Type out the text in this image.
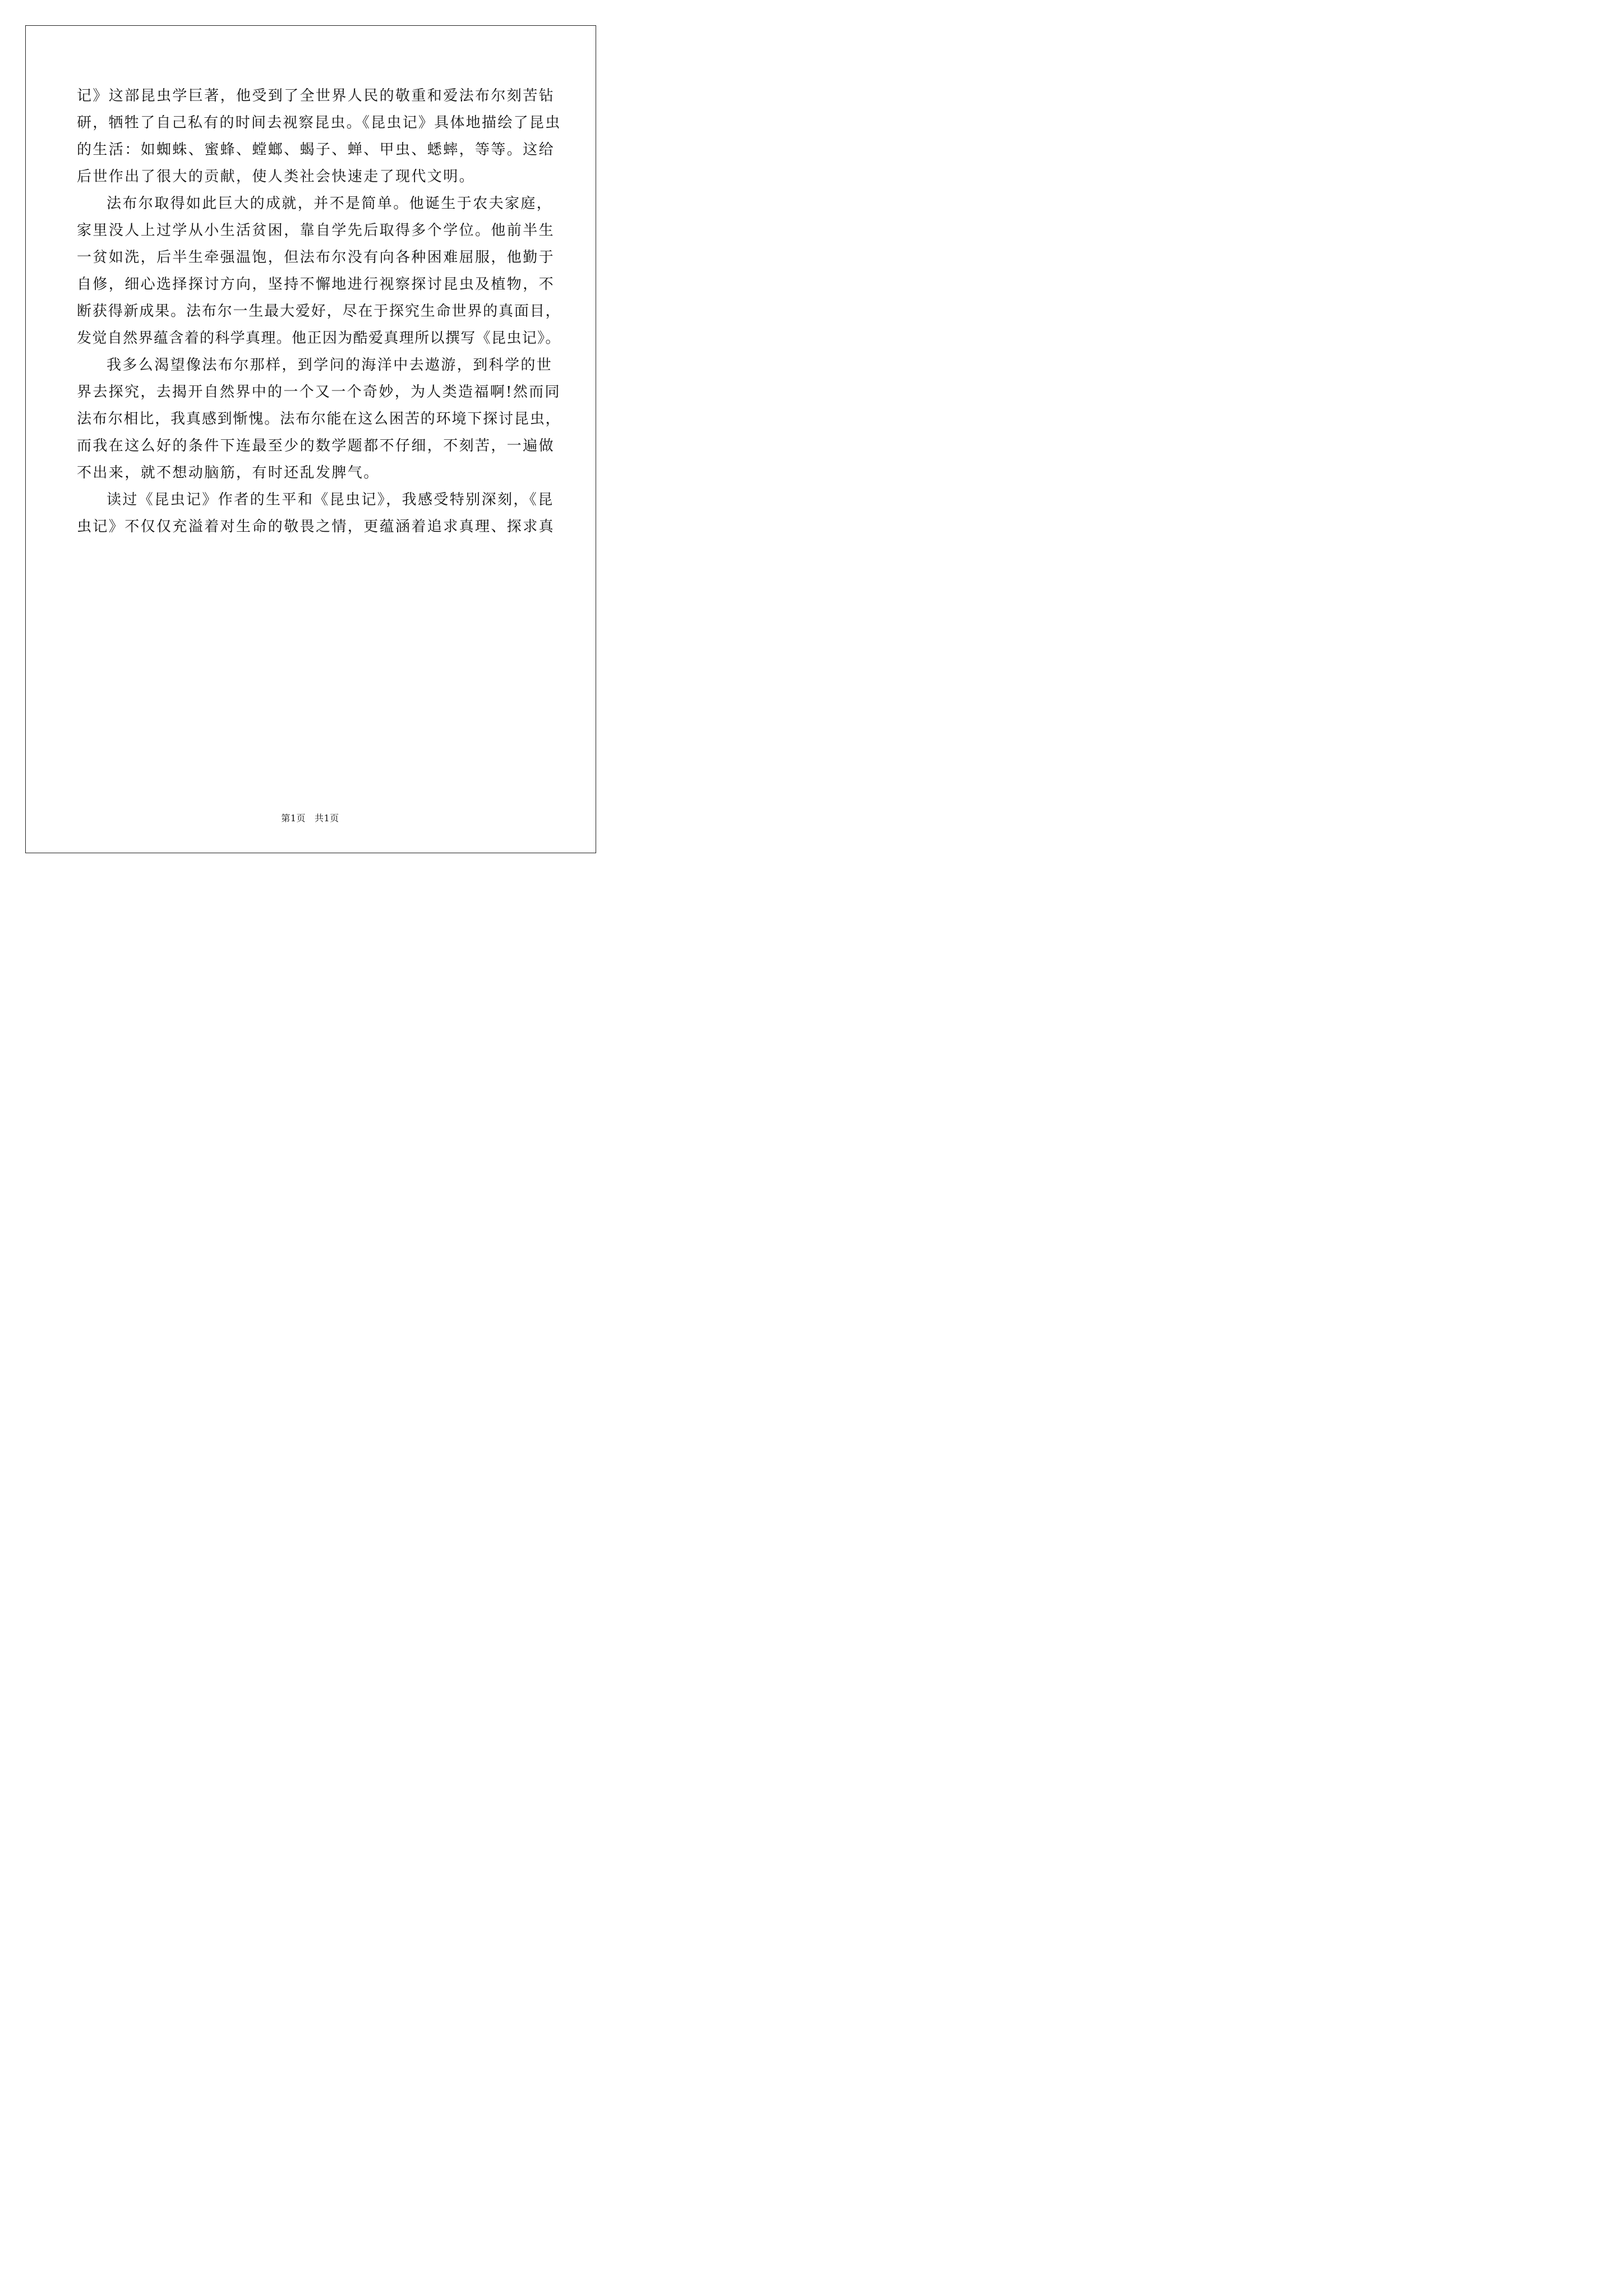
记》这部昆虫学巨著，他受到了全世界人民的敬重和爱法布尔刻苦钻
研，牺牲了自己私有的时间去视察昆虫。《昆虫记》具体地描绘了昆虫
的生活：如蜘蛛、蜜蜂、螳螂、蝎子、蝉、甲虫、蟋蟀，等等。这给
后世作出了很大的贡献，使人类社会快速走了现代文明。
法布尔取得如此巨大的成就，并不是简单。他诞生于农夫家庭，
家里没人上过学从小生活贫困，靠自学先后取得多个学位。他前半生
一贫如洗，后半生牵强温饱，但法布尔没有向各种困难屈服，他勤于
自修，细心选择探讨方向，坚持不懈地进行视察探讨昆虫及植物，不
断获得新成果。法布尔一生最大爱好，尽在于探究生命世界的真面目，
发觉自然界蕴含着的科学真理。他正因为酷爱真理所以撰写《昆虫记》。
我多么渴望像法布尔那样，到学问的海洋中去遨游，到科学的世
界去探究，去揭开自然界中的一个又一个奇妙，为人类造福啊!然而同
法布尔相比，我真感到惭愧。法布尔能在这么困苦的环境下探讨昆虫，
而我在这么好的条件下连最至少的数学题都不仔细，不刻苦，一遍做
不出来，就不想动脑筋，有时还乱发脾气。
读过《昆虫记》作者的生平和《昆虫记》，我感受特别深刻，《昆
虫记》不仅仅充溢着对生命的敬畏之情，更蕴涵着追求真理、探求真
第1页 共1页
